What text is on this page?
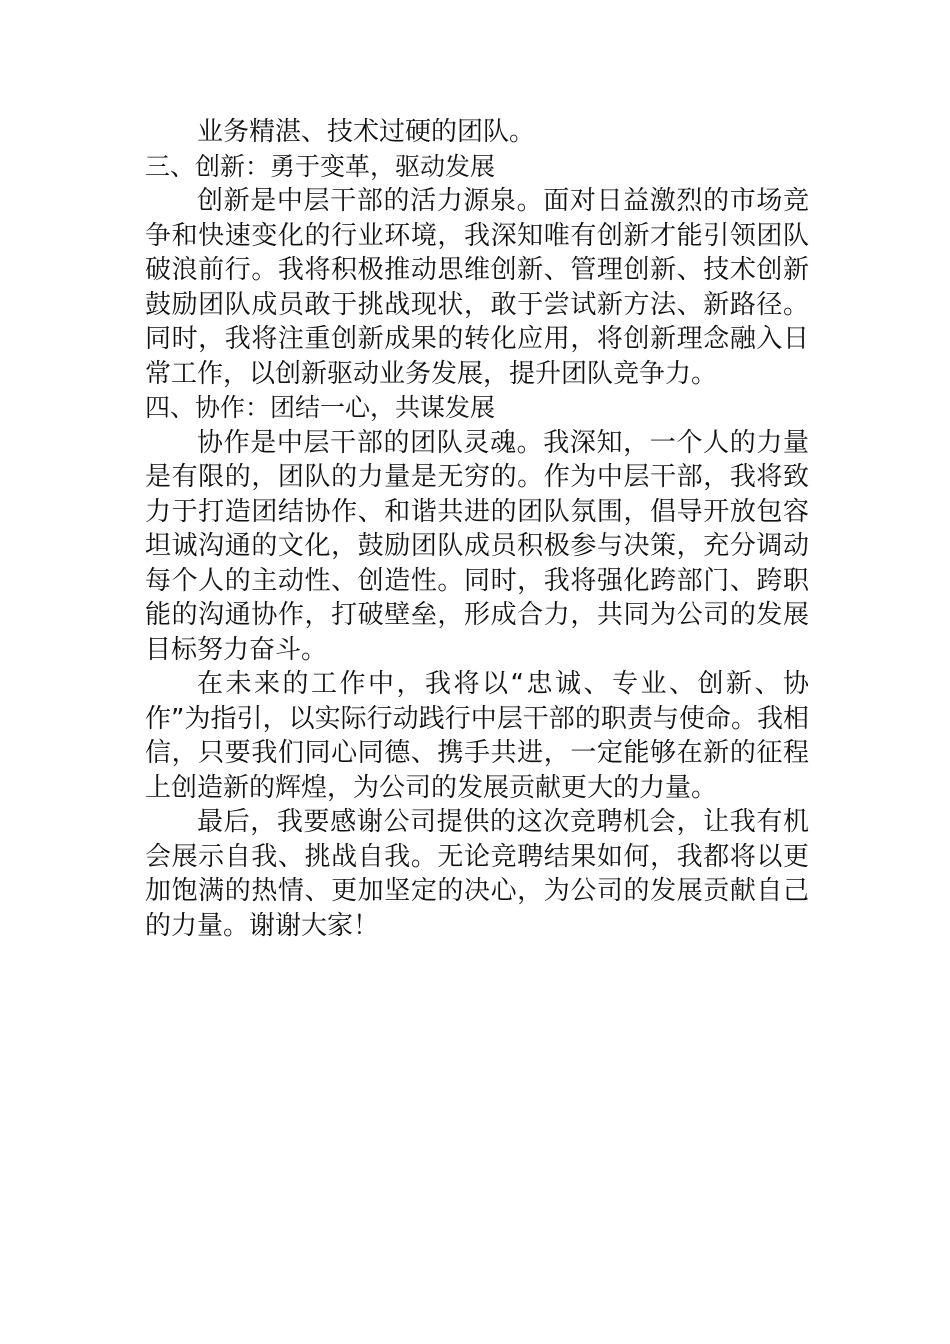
业务精湛、技术过硬的团队。

三、创新：勇于变革，驱动发展

创新是中层干部的活力源泉。面对日益激烈的市场竞争和快速变化的行业环境，我深知唯有创新才能引领团队破浪前行。我将积极推动思维创新、管理创新、技术创新鼓励团队成员敢于挑战现状，敢于尝试新方法、新路径。同时，我将注重创新成果的转化应用，将创新理念融入日常工作，以创新驱动业务发展，提升团队竞争力。

四、协作：团结一心，共谋发展

协作是中层干部的团队灵魂。我深知，一个人的力量是有限的，团队的力量是无穷的。作为中层干部，我将致力于打造团结协作、和谐共进的团队氛围，倡导开放包容坦诚沟通的文化，鼓励团队成员积极参与决策，充分调动每个人的主动性、创造性。同时，我将强化跨部门、跨职能的沟通协作，打破壁垒，形成合力，共同为公司的发展目标努力奋斗。

在未来的工作中，我将以“忠诚、专业、创新、协作”为指引，以实际行动践行中层干部的职责与使命。我相信，只要我们同心同德、携手共进，一定能够在新的征程上创造新的辉煌，为公司的发展贡献更大的力量。

最后，我要感谢公司提供的这次竞聘机会，让我有机会展示自我、挑战自我。无论竞聘结果如何，我都将以更加饱满的热情、更加坚定的决心，为公司的发展贡献自己的力量。谢谢大家！
